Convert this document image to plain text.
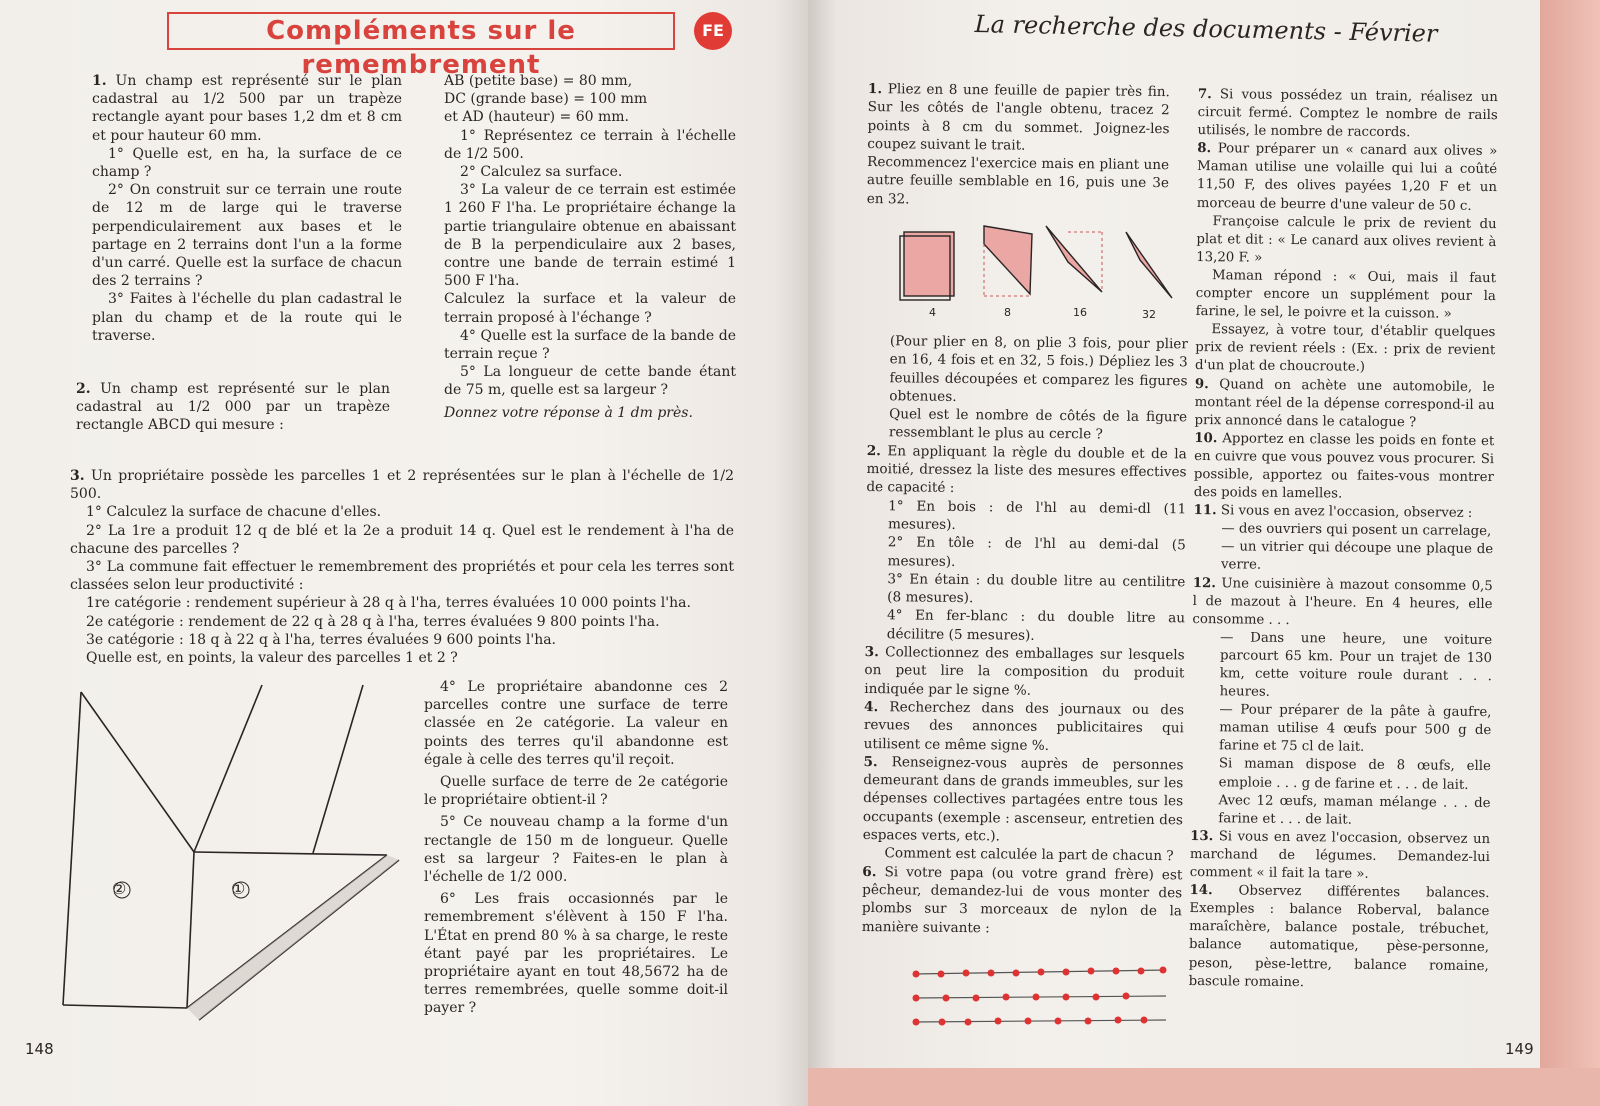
Compléments sur le remembrement
FE

1. Un champ est représenté sur le plan cadastral au 1/2 500 par un trapèze rectangle ayant pour bases 1,2 dm et 8 cm et pour hauteur 60 mm.

1° Quelle est, en ha, la surface de ce champ ?

2° On construit sur ce terrain une route de 12 m de large qui le traverse perpendiculairement aux bases et le partage en 2 terrains dont l'un a la forme d'un carré. Quelle est la surface de chacun des 2 terrains ?

3° Faites à l'échelle du plan cadastral le plan du champ et de la route qui le traverse.

2. Un champ est représenté sur le plan cadastral au 1/2 000 par un trapèze rectangle ABCD qui mesure :

AB (petite base) = 80 mm,

DC (grande base) = 100 mm

et AD (hauteur) = 60 mm.

1° Représentez ce terrain à l'échelle de 1/2 500.

2° Calculez sa surface.

3° La valeur de ce terrain est estimée 1 260 F l'ha. Le propriétaire échange la partie triangulaire obtenue en abaissant de B la perpendiculaire aux 2 bases, contre une bande de terrain estimé 1 500 F l'ha.

Calculez la surface et la valeur de terrain proposé à l'échange ?

4° Quelle est la surface de la bande de terrain reçue ?

5° La longueur de cette bande étant de 75 m, quelle est sa largeur ?

Donnez votre réponse à 1 dm près.

3. Un propriétaire possède les parcelles 1 et 2 représentées sur le plan à l'échelle de 1/2 500.

1° Calculez la surface de chacune d'elles.

2° La 1re a produit 12 q de blé et la 2e a produit 14 q. Quel est le rendement à l'ha de chacune des parcelles ?

3° La commune fait effectuer le remembrement des propriétés et pour cela les terres sont classées selon leur productivité :

1re catégorie : rendement supérieur à 28 q à l'ha, terres évaluées 10 000 points l'ha.

2e catégorie : rendement de 22 q à 28 q à l'ha, terres évaluées 9 800 points l'ha.

3e catégorie : 18 q à 22 q à l'ha, terres évaluées 9 600 points l'ha.

Quelle est, en points, la valeur des parcelles 1 et 2 ?

4° Le propriétaire abandonne ces 2 parcelles contre une surface de terre classée en 2e catégorie. La valeur en points des terres qu'il abandonne est égale à celle des terres qu'il reçoit.

Quelle surface de terre de 2e catégorie le propriétaire obtient-il ?

5° Ce nouveau champ a la forme d'un rectangle de 150 m de longueur. Quelle est sa largeur ? Faites-en le plan à l'échelle de 1/2 000.

6° Les frais occasionnés par le remembrement s'élèvent à 150 F l'ha. L'État en prend 80 % à sa charge, le reste étant payé par les propriétaires. Le propriétaire ayant en tout 48,5672 ha de terres remembrées, quelle somme doit-il payer ?

②	①
148
La recherche des documents - Février

1. Pliez en 8 une feuille de papier très fin. Sur les côtés de l'angle obtenu, tracez 2 points à 8 cm du sommet. Joignez-les coupez suivant le trait.

Recommencez l'exercice mais en pliant une autre feuille semblable en 16, puis une 3e en 32.

4	8	16	32

(Pour plier en 8, on plie 3 fois, pour plier en 16, 4 fois et en 32, 5 fois.) Dépliez les 3 feuilles découpées et comparez les figures obtenues.

Quel est le nombre de côtés de la figure ressemblant le plus au cercle ?

2. En appliquant la règle du double et de la moitié, dressez la liste des mesures effectives de capacité :

1° En bois : de l'hl au demi-dl (11 mesures).

2° En tôle : de l'hl au demi-dal (5 mesures).

3° En étain : du double litre au centilitre (8 mesures).

4° En fer-blanc : du double litre au décilitre (5 mesures).

3. Collectionnez des emballages sur lesquels on peut lire la composition du produit indiquée par le signe %.

4. Recherchez dans des journaux ou des revues des annonces publicitaires qui utilisent ce même signe %.

5. Renseignez-vous auprès de personnes demeurant dans de grands immeubles, sur les dépenses collectives partagées entre tous les occupants (exemple : ascenseur, entretien des espaces verts, etc.).

Comment est calculée la part de chacun ?

6. Si votre papa (ou votre grand frère) est pêcheur, demandez-lui de vous monter des plombs sur 3 morceaux de nylon de la manière suivante :

7. Si vous possédez un train, réalisez un circuit fermé. Comptez le nombre de rails utilisés, le nombre de raccords.

8. Pour préparer un « canard aux olives » Maman utilise une volaille qui lui a coûté 11,50 F, des olives payées 1,20 F et un morceau de beurre d'une valeur de 50 c.

Françoise calcule le prix de revient du plat et dit : « Le canard aux olives revient à 13,20 F. »

Maman répond : « Oui, mais il faut compter encore un supplément pour la farine, le sel, le poivre et la cuisson. »

Essayez, à votre tour, d'établir quelques prix de revient réels : (Ex. : prix de revient d'un plat de choucroute.)

9. Quand on achète une automobile, le montant réel de la dépense correspond-il au prix annoncé dans le catalogue ?

10. Apportez en classe les poids en fonte et en cuivre que vous pouvez vous procurer. Si possible, apportez ou faites-vous montrer des poids en lamelles.

11. Si vous en avez l'occasion, observez :

— des ouvriers qui posent un carrelage,

— un vitrier qui découpe une plaque de verre.

12. Une cuisinière à mazout consomme 0,5 l de mazout à l'heure. En 4 heures, elle consomme . . .

— Dans une heure, une voiture parcourt 65 km. Pour un trajet de 130 km, cette voiture roule durant . . . heures.

— Pour préparer de la pâte à gaufre, maman utilise 4 œufs pour 500 g de farine et 75 cl de lait.

Si maman dispose de 8 œufs, elle emploie . . . g de farine et . . . de lait.

Avec 12 œufs, maman mélange . . . de farine et . . . de lait.

13. Si vous en avez l'occasion, observez un marchand de légumes. Demandez-lui comment « il fait la tare ».

14. Observez différentes balances. Exemples : balance Roberval, balance maraîchère, balance postale, trébuchet, balance automatique, pèse-personne, peson, pèse-lettre, balance romaine, bascule romaine.

149
